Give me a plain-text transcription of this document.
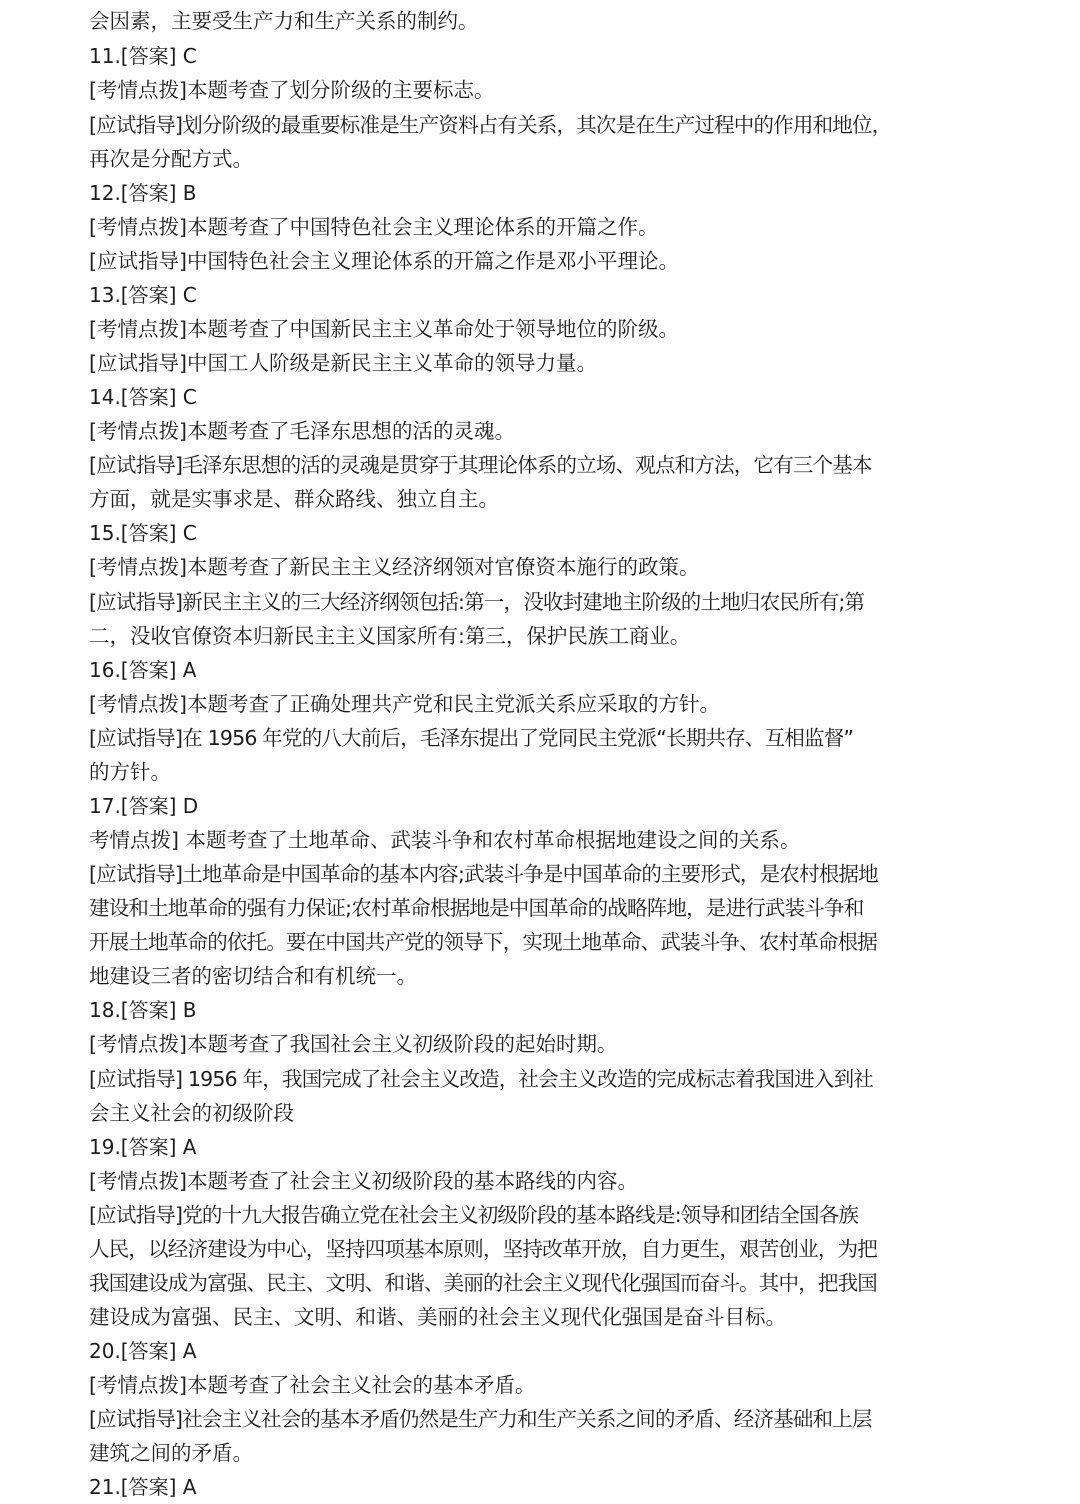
会因素，主要受生产力和生产关系的制约。
11.[答案] C
[考情点拨]本题考查了划分阶级的主要标志。
[应试指导]划分阶级的最重要标准是生产资料占有关系，其次是在生产过程中的作用和地位，
再次是分配方式。
12.[答案] B
[考情点拨]本题考查了中国特色社会主义理论体系的开篇之作。
[应试指导]中国特色社会主义理论体系的开篇之作是邓小平理论。
13.[答案] C
[考情点拨]本题考查了中国新民主主义革命处于领导地位的阶级。
[应试指导]中国工人阶级是新民主主义革命的领导力量。
14.[答案] C
[考情点拨]本题考查了毛泽东思想的活的灵魂。
[应试指导]毛泽东思想的活的灵魂是贯穿于其理论体系的立场、观点和方法，它有三个基本
方面，就是实事求是、群众路线、独立自主。
15.[答案] C
[考情点拨]本题考查了新民主主义经济纲领对官僚资本施行的政策。
[应试指导]新民主主义的三大经济纲领包括:第一，没收封建地主阶级的土地归农民所有;第
二，没收官僚资本归新民主主义国家所有:第三，保护民族工商业。
16.[答案] A
[考情点拨]本题考查了正确处理共产党和民主党派关系应采取的方针。
[应试指导]在 1956 年党的八大前后，毛泽东提出了党同民主党派“长期共存、互相监督”
的方针。
17.[答案] D
考情点拨] 本题考查了土地革命、武装斗争和农村革命根据地建设之间的关系。
[应试指导]土地革命是中国革命的基本内容;武装斗争是中国革命的主要形式，是农村根据地
建设和土地革命的强有力保证;农村革命根据地是中国革命的战略阵地，是进行武装斗争和
开展土地革命的依托。要在中国共产党的领导下，实现土地革命、武装斗争、农村革命根据
地建设三者的密切结合和有机统一。
18.[答案] B
[考情点拨]本题考查了我国社会主义初级阶段的起始时期。
[应试指导] 1956 年，我国完成了社会主义改造，社会主义改造的完成标志着我国进入到社
会主义社会的初级阶段
19.[答案] A
[考情点拨]本题考查了社会主义初级阶段的基本路线的内容。
[应试指导]党的十九大报告确立党在社会主义初级阶段的基本路线是:领导和团结全国各族
人民，以经济建设为中心，坚持四项基本原则，坚持改革开放，自力更生，艰苦创业，为把
我国建设成为富强、民主、文明、和谐、美丽的社会主义现代化强国而奋斗。其中，把我国
建设成为富强、民主、文明、和谐、美丽的社会主义现代化强国是奋斗目标。
20.[答案] A
[考情点拨]本题考查了社会主义社会的基本矛盾。
[应试指导]社会主义社会的基本矛盾仍然是生产力和生产关系之间的矛盾、经济基础和上层
建筑之间的矛盾。
21.[答案] A
